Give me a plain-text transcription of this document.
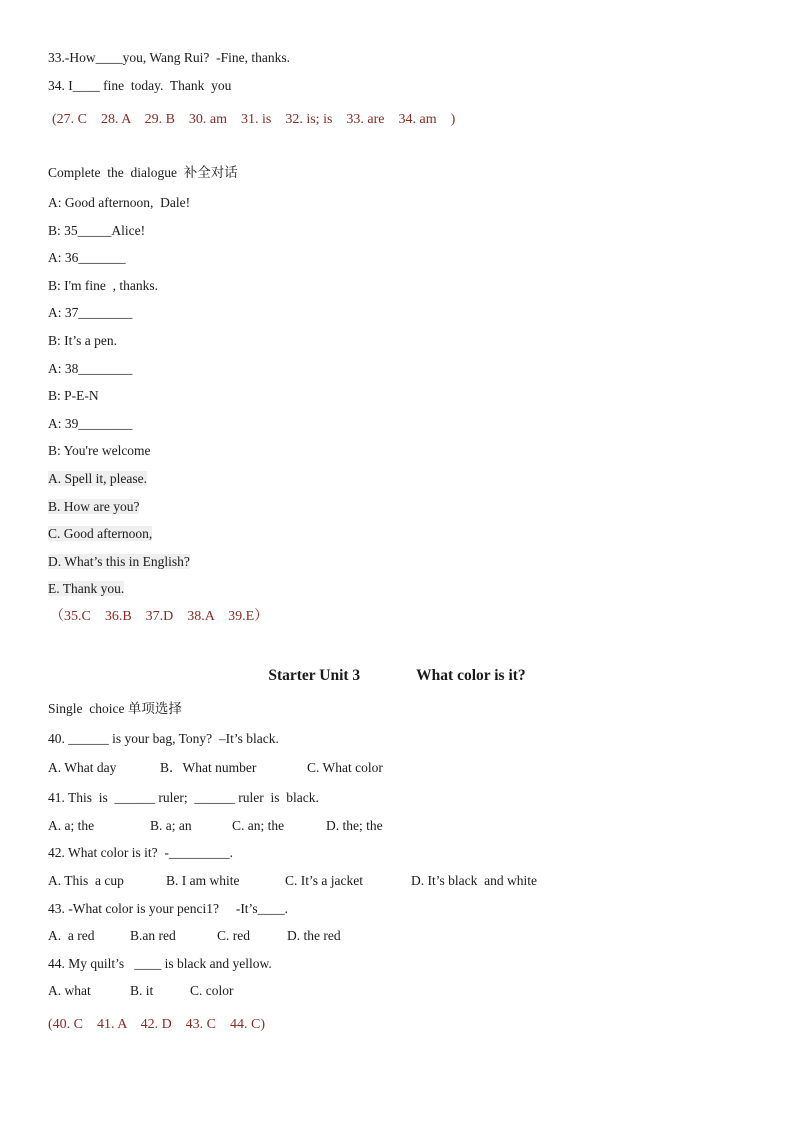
33.-How____you, Wang Rui?  -Fine, thanks.
34. I____ fine  today.  Thank  you
(27. C    28. A    29. B    30. am    31. is    32. is; is    33. are    34. am    )
Complete  the  dialogue  补全对话
A: Good afternoon,  Dale!
B: 35_____Alice!
A: 36_______
B: I'm fine  , thanks.
A: 37________
B: It’s a pen.
A: 38________
B: P-E-N
A: 39________
B: You're welcome
A. Spell it, please.
B. How are you?
C. Good afternoon,
D. What’s this in English?
E. Thank you.
（35.C    36.B    37.D    38.A    39.E）
Starter Unit 3	What color is it?
Single  choice 单项选择
40. ______ is your bag, Tony?  –It’s black.
A. What day	B．What number	C. What color
41. This  is  ______ ruler;  ______ ruler  is  black.
A. a; the	B. a; an	C. an; the	D. the; the
42. What color is it?  -_________.
A. This  a cup	B. I am white	C. It’s a jacket	D. It’s black  and white
43. -What color is your penci1?     -It’s____.
A.  a red	B.an red	C. red	D. the red
44. My quilt’s   ____ is black and yellow.
A. what	B. it	C. color
(40. C    41. A    42. D    43. C    44. C)
